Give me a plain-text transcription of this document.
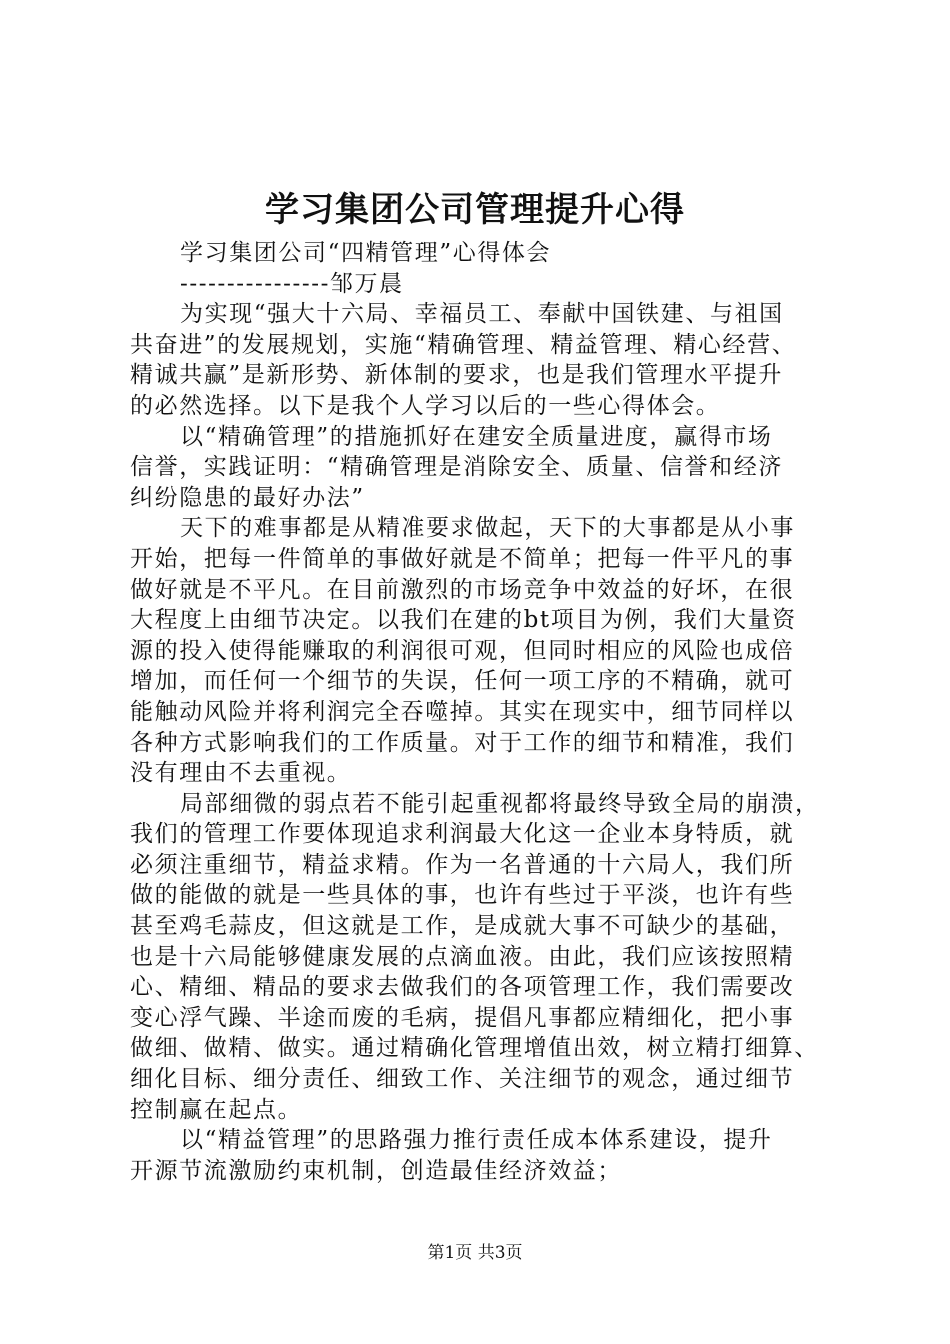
学习集团公司管理提升心得
学习集团公司“四精管理”心得体会
----------------邹万晨
为实现“强大十六局、幸福员工、奉献中国铁建、与祖国
共奋进”的发展规划，实施“精确管理、精益管理、精心经营、
精诚共赢”是新形势、新体制的要求，也是我们管理水平提升
的必然选择。以下是我个人学习以后的一些心得体会。
以“精确管理”的措施抓好在建安全质量进度，赢得市场
信誉，实践证明：“精确管理是消除安全、质量、信誉和经济
纠纷隐患的最好办法”
天下的难事都是从精准要求做起，天下的大事都是从小事
开始，把每一件简单的事做好就是不简单；把每一件平凡的事
做好就是不平凡。在目前激烈的市场竞争中效益的好坏，在很
大程度上由细节决定。以我们在建的bt项目为例，我们大量资
源的投入使得能赚取的利润很可观，但同时相应的风险也成倍
增加，而任何一个细节的失误，任何一项工序的不精确，就可
能触动风险并将利润完全吞噬掉。其实在现实中，细节同样以
各种方式影响我们的工作质量。对于工作的细节和精准，我们
没有理由不去重视。
局部细微的弱点若不能引起重视都将最终导致全局的崩溃，
我们的管理工作要体现追求利润最大化这一企业本身特质，就
必须注重细节，精益求精。作为一名普通的十六局人，我们所
做的能做的就是一些具体的事，也许有些过于平淡，也许有些
甚至鸡毛蒜皮，但这就是工作，是成就大事不可缺少的基础，
也是十六局能够健康发展的点滴血液。由此，我们应该按照精
心、精细、精品的要求去做我们的各项管理工作，我们需要改
变心浮气躁、半途而废的毛病，提倡凡事都应精细化，把小事
做细、做精、做实。通过精确化管理增值出效，树立精打细算、
细化目标、细分责任、细致工作、关注细节的观念，通过细节
控制赢在起点。
以“精益管理”的思路强力推行责任成本体系建设，提升
开源节流激励约束机制，创造最佳经济效益；
第1页 共3页
